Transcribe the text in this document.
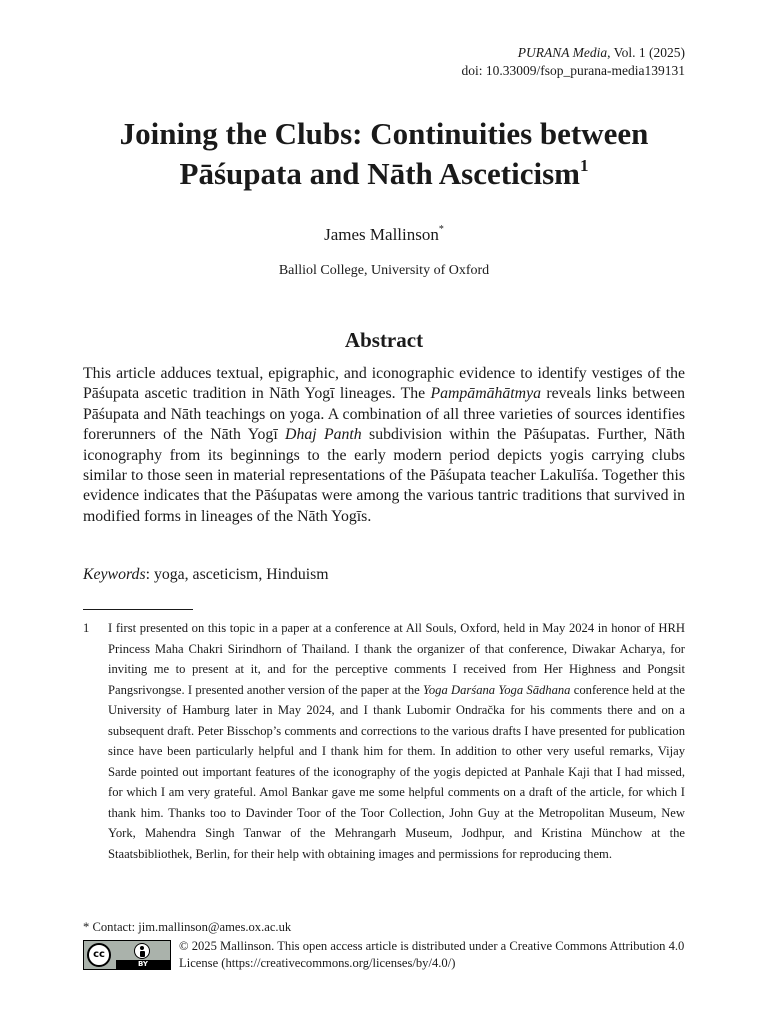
PURANA Media, Vol. 1 (2025)
doi: 10.33009/fsop_purana-media139131
Joining the Clubs: Continuities between
Pāśupata and Nāth Asceticism$^1$
James Mallinson*
Balliol College, University of Oxford
Abstract

This article adduces textual, epigraphic, and iconographic evidence to identify vestiges of the Pāśupata ascetic tradition in Nāth Yogī lineages. The Pampāmāhātmya reveals links between Pāśupata and Nāth teachings on yoga. A combination of all three varieties of sources identifies forerunners of the Nāth Yogī Dhaj Panth subdivision within the Pāśupatas. Further, Nāth iconography from its beginnings to the early modern period depicts yogis carrying clubs similar to those seen in material representations of the Pāśupata teacher Lakulīśa. Together this evidence indicates that the Pāśupatas were among the various tantric traditions that survived in modified forms in lineages of the Nāth Yogīs.

Keywords: yoga, asceticism, Hinduism

1 I first presented on this topic in a paper at a conference at All Souls, Oxford, held in May 2024 in honor of HRH Princess Maha Chakri Sirindhorn of Thailand. I thank the organizer of that conference, Diwakar Acharya, for inviting me to present at it, and for the perceptive comments I received from Her Highness and Pongsit Pangsrivongse. I presented another version of the paper at the Yoga Darśana Yoga Sādhana conference held at the University of Hamburg later in May 2024, and I thank Lubomir Ondračka for his comments there and on a subsequent draft. Peter Bisschop’s comments and corrections to the various drafts I have presented for publication since have been particularly helpful and I thank him for them. In addition to other very useful remarks, Vijay Sarde pointed out important features of the iconography of the yogis depicted at Panhale Kaji that I had missed, for which I am very grateful. Amol Bankar gave me some helpful comments on a draft of the article, for which I thank him. Thanks too to Davinder Toor of the Toor Collection, John Guy at the Metropolitan Museum, New York, Mahendra Singh Tanwar of the Mehrangarh Museum, Jodhpur, and Kristina Münchow at the Staatsbibliothek, Berlin, for their help with obtaining images and permissions for reproducing them.
* Contact: jim.mallinson@ames.ox.ac.uk
cc
BY
© 2025 Mallinson. This open access article is distributed under a Creative Commons Attribution 4.0 License (https://creativecommons.org/licenses/by/4.0/)
